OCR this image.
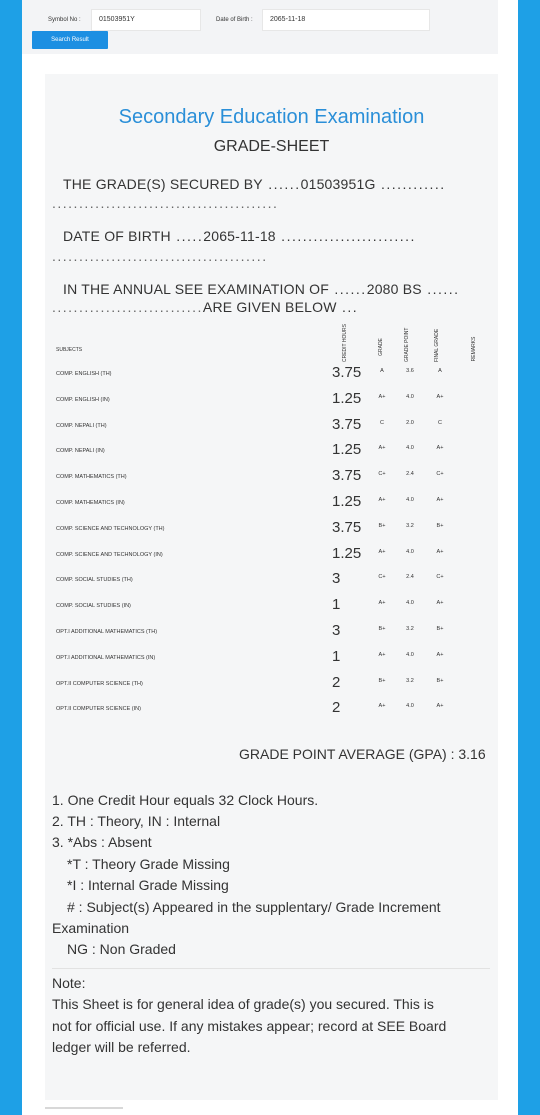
Symbol No :	01503951Y	Date of Birth :	2065-11-18
Search Result
Secondary Education Examination
GRADE-SHEET
THE GRADE(S) SECURED BY ......01503951G ............
..........................................
DATE OF BIRTH .....2065-11-18 .........................
........................................
IN THE ANNUAL SEE EXAMINATION OF ......2080 BS ......
............................ARE GIVEN BELOW ...
SUBJECTS	CREDIT HOURS	GRADE	GRADE POINT	FINAL GRADE	REMARKS
COMP. ENGLISH (TH)	3.75	A	3.6	A
COMP. ENGLISH (IN)	1.25	A+	4.0	A+
COMP. NEPALI (TH)	3.75	C	2.0	C
COMP. NEPALI (IN)	1.25	A+	4.0	A+
COMP. MATHEMATICS (TH)	3.75	C+	2.4	C+
COMP. MATHEMATICS (IN)	1.25	A+	4.0	A+
COMP. SCIENCE AND TECHNOLOGY (TH)	3.75	B+	3.2	B+
COMP. SCIENCE AND TECHNOLOGY (IN)	1.25	A+	4.0	A+
COMP. SOCIAL STUDIES (TH)	3	C+	2.4	C+
COMP. SOCIAL STUDIES (IN)	1	A+	4.0	A+
OPT.I ADDITIONAL MATHEMATICS (TH)	3	B+	3.2	B+
OPT.I ADDITIONAL MATHEMATICS (IN)	1	A+	4.0	A+
OPT.II COMPUTER SCIENCE (TH)	2	B+	3.2	B+
OPT.II COMPUTER SCIENCE (IN)	2	A+	4.0	A+
GRADE POINT AVERAGE (GPA) : 3.16
1. One Credit Hour equals 32 Clock Hours.
2. TH : Theory, IN : Internal
3. *Abs : Absent
*T : Theory Grade Missing
*I : Internal Grade Missing
# : Subject(s) Appeared in the supplentary/ Grade Increment
Examination
NG : Non Graded
Note:
This Sheet is for general idea of grade(s) you secured. This is
not for official use. If any mistakes appear; record at SEE Board
ledger will be referred.
